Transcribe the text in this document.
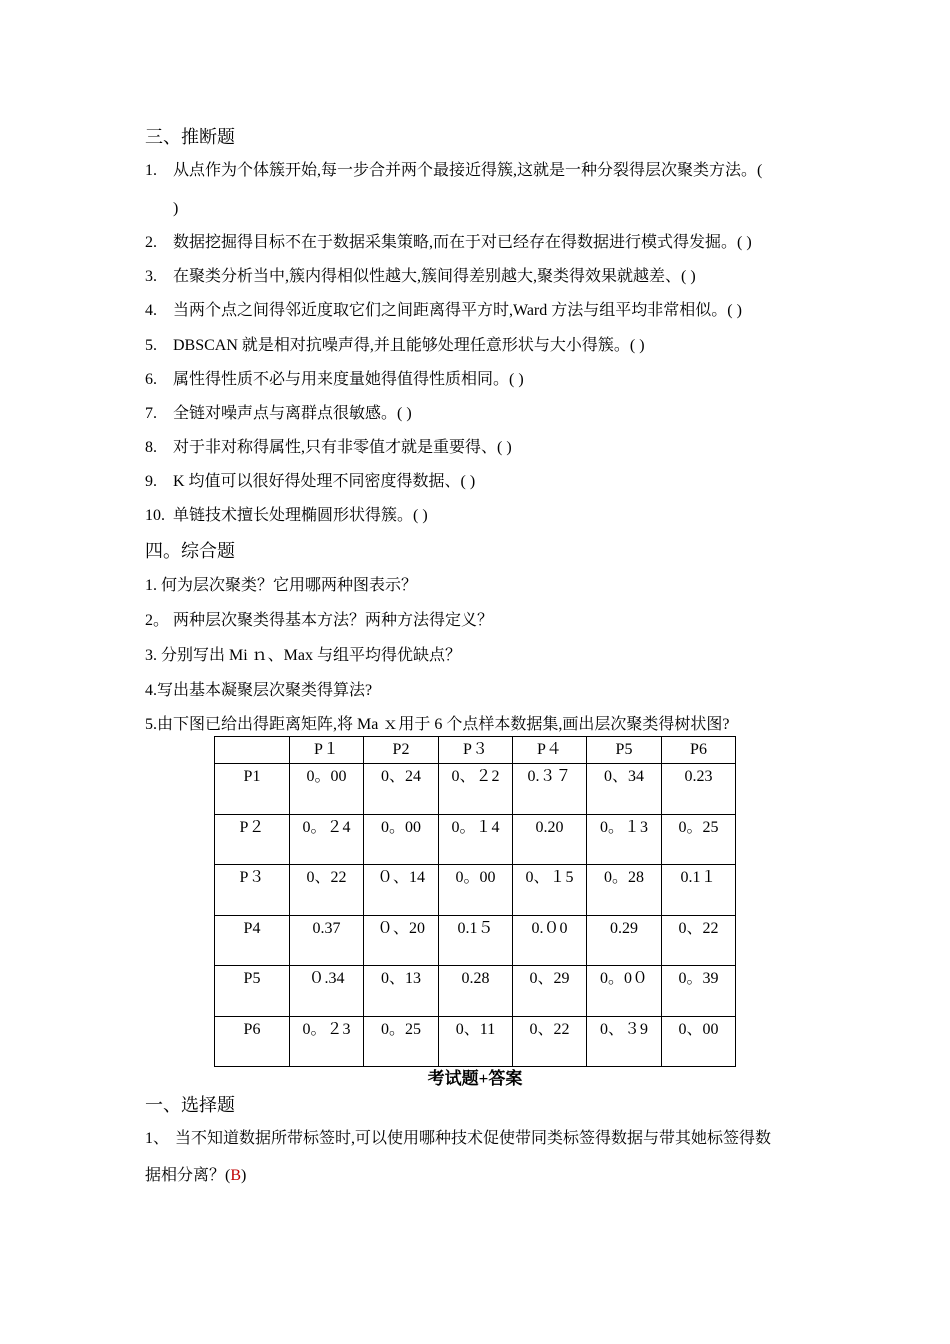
三、推断题
1. 从点作为个体簇开始,每一步合并两个最接近得簇,这就是一种分裂得层次聚类方法。(
)
2. 数据挖掘得目标不在于数据采集策略,而在于对已经存在得数据进行模式得发掘。( )
3. 在聚类分析当中,簇内得相似性越大,簇间得差别越大,聚类得效果就越差、( )
4. 当两个点之间得邻近度取它们之间距离得平方时,Ward 方法与组平均非常相似。( )
5. DBSCAN 就是相对抗噪声得,并且能够处理任意形状与大小得簇。( )
6. 属性得性质不必与用来度量她得值得性质相同。( )
7. 全链对噪声点与离群点很敏感。( )
8. 对于非对称得属性,只有非零值才就是重要得、( )
9. K 均值可以很好得处理不同密度得数据、( )
10. 单链技术擅长处理椭圆形状得簇。( )
四。综合题
1. 何为层次聚类？它用哪两种图表示？
2。 两种层次聚类得基本方法？两种方法得定义？
3. 分别写出 Mi ｎ、Max 与组平均得优缺点？
4.写出基本凝聚层次聚类得算法?
5.由下图已给出得距离矩阵,将 Ma ｘ用于 6 个点样本数据集,画出层次聚类得树状图?
	P１	P2	P３	P４	P5	P6
P1	0。00	0、24	0、２2	0.３７	0、34	0.23

P２	0。２4	0。00	0。１4	0.20	0。１3	0。25

P３	0、22	０、14	0。00	0、１5	0。28	0.1１

P4	0.37	０、20	0.1５	0.０0	0.29	0、22

P5	０.34	0、13	0.28	0、29	0。0０	0。39

P6	0。２3	0。25	0、11	0、22	0、３9	0、00
考试题+答案
一、选择题
1、 当不知道数据所带标签时,可以使用哪种技术促使带同类标签得数据与带其她标签得数
据相分离？(B)
